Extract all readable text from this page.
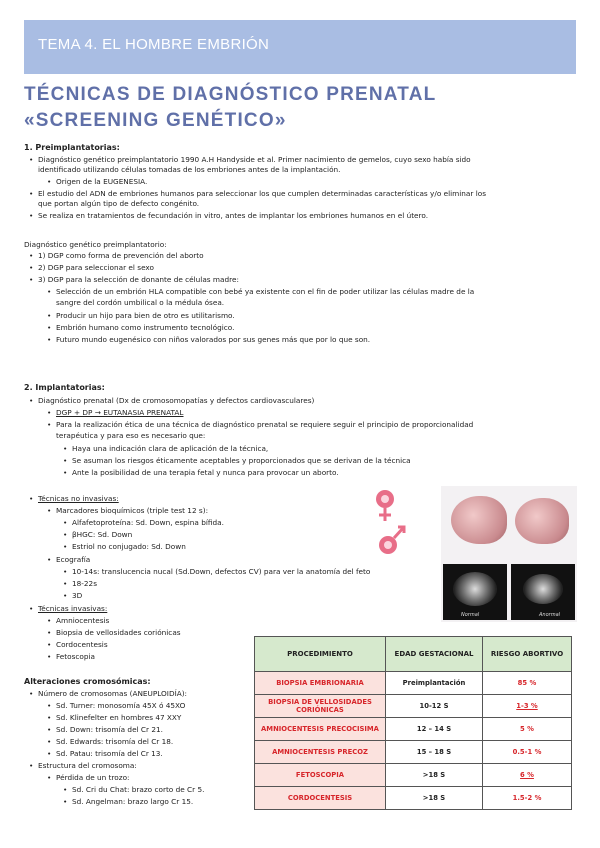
TEMA 4. EL HOMBRE EMBRIÓN
TÉCNICAS DE DIAGNÓSTICO PRENATAL
«SCREENING GENÉTICO»
1. Preimplantatorias:
• Diagnóstico genético preimplantatorio 1990 A.H Handyside et al. Primer nacimiento de gemelos, cuyo sexo había sido
identificado utilizando células tomadas de los embriones antes de la implantación.
• Origen de la EUGENESIA.
• El estudio del ADN de embriones humanos para seleccionar los que cumplen determinadas características y/o eliminar los
que portan algún tipo de defecto congénito.
• Se realiza en tratamientos de fecundación in vitro, antes de implantar los embriones humanos en el útero.
Diagnóstico genético preimplantatorio:
• 1) DGP como forma de prevención del aborto
• 2) DGP para seleccionar el sexo
• 3) DGP para la selección de donante de células madre:
• Selección de un embrión HLA compatible con bebé ya existente con el fin de poder utilizar las células madre de la
sangre del cordón umbilical o la médula ósea.
• Producir un hijo para bien de otro es utilitarismo.
• Embrión humano como instrumento tecnológico.
• Futuro mundo eugenésico con niños valorados por sus genes más que por lo que son.
2. Implantatorias:
• Diagnóstico prenatal (Dx de cromosomopatías y defectos cardiovasculares)
• DGP + DP → EUTANASIA PRENATAL
• Para la realización ética de una técnica de diagnóstico prenatal se requiere seguir el principio de proporcionalidad
terapéutica y para eso es necesario que:
• Haya una indicación clara de aplicación de la técnica,
• Se asuman los riesgos éticamente aceptables y proporcionados que se derivan de la técnica
• Ante la posibilidad de una terapia fetal y nunca para provocar un aborto.
• Técnicas no invasivas:
• Marcadores bioquímicos (triple test 12 s):
• Alfafetoproteína: Sd. Down, espina bífida.
• βHGC: Sd. Down
• Estriol no conjugado: Sd. Down
• Ecografía
• 10-14s: translucencia nucal (Sd.Down, defectos CV) para ver la anatomía del feto
• 18-22s
• 3D
• Técnicas invasivas:
• Amniocentesis
• Biopsia de vellosidades coriónicas
• Cordocentesis
• Fetoscopia
Alteraciones cromosómicas:
• Número de cromosomas (ANEUPLOIDÍA):
• Sd. Turner: monosomía 45X ó 45XO
• Sd. Klinefelter en hombres 47 XXY
• Sd. Down: trisomía del Cr 21.
• Sd. Edwards: trisomía del Cr 18.
• Sd. Patau: trisomía del Cr 13.
• Estructura del cromosoma:
• Pérdida de un trozo:
• Sd. Cri du Chat: brazo corto de Cr 5.
• Sd. Angelman: brazo largo Cr 15.
Normal	Anormal
PROCEDIMIENTO	EDAD GESTACIONAL	RIESGO ABORTIVO
BIOPSIA EMBRIONARIA	Preimplantación	85 %
BIOPSIA DE VELLOSIDADES CORIÓNICAS	10-12 S	1-3 %
AMNIOCENTESIS PRECOCISIMA	12 – 14 S	5 %
AMNIOCENTESIS PRECOZ	15 – 18 S	0.5-1 %
FETOSCOPIA	>18 S	6 %
CORDOCENTESIS	>18 S	1.5-2 %
